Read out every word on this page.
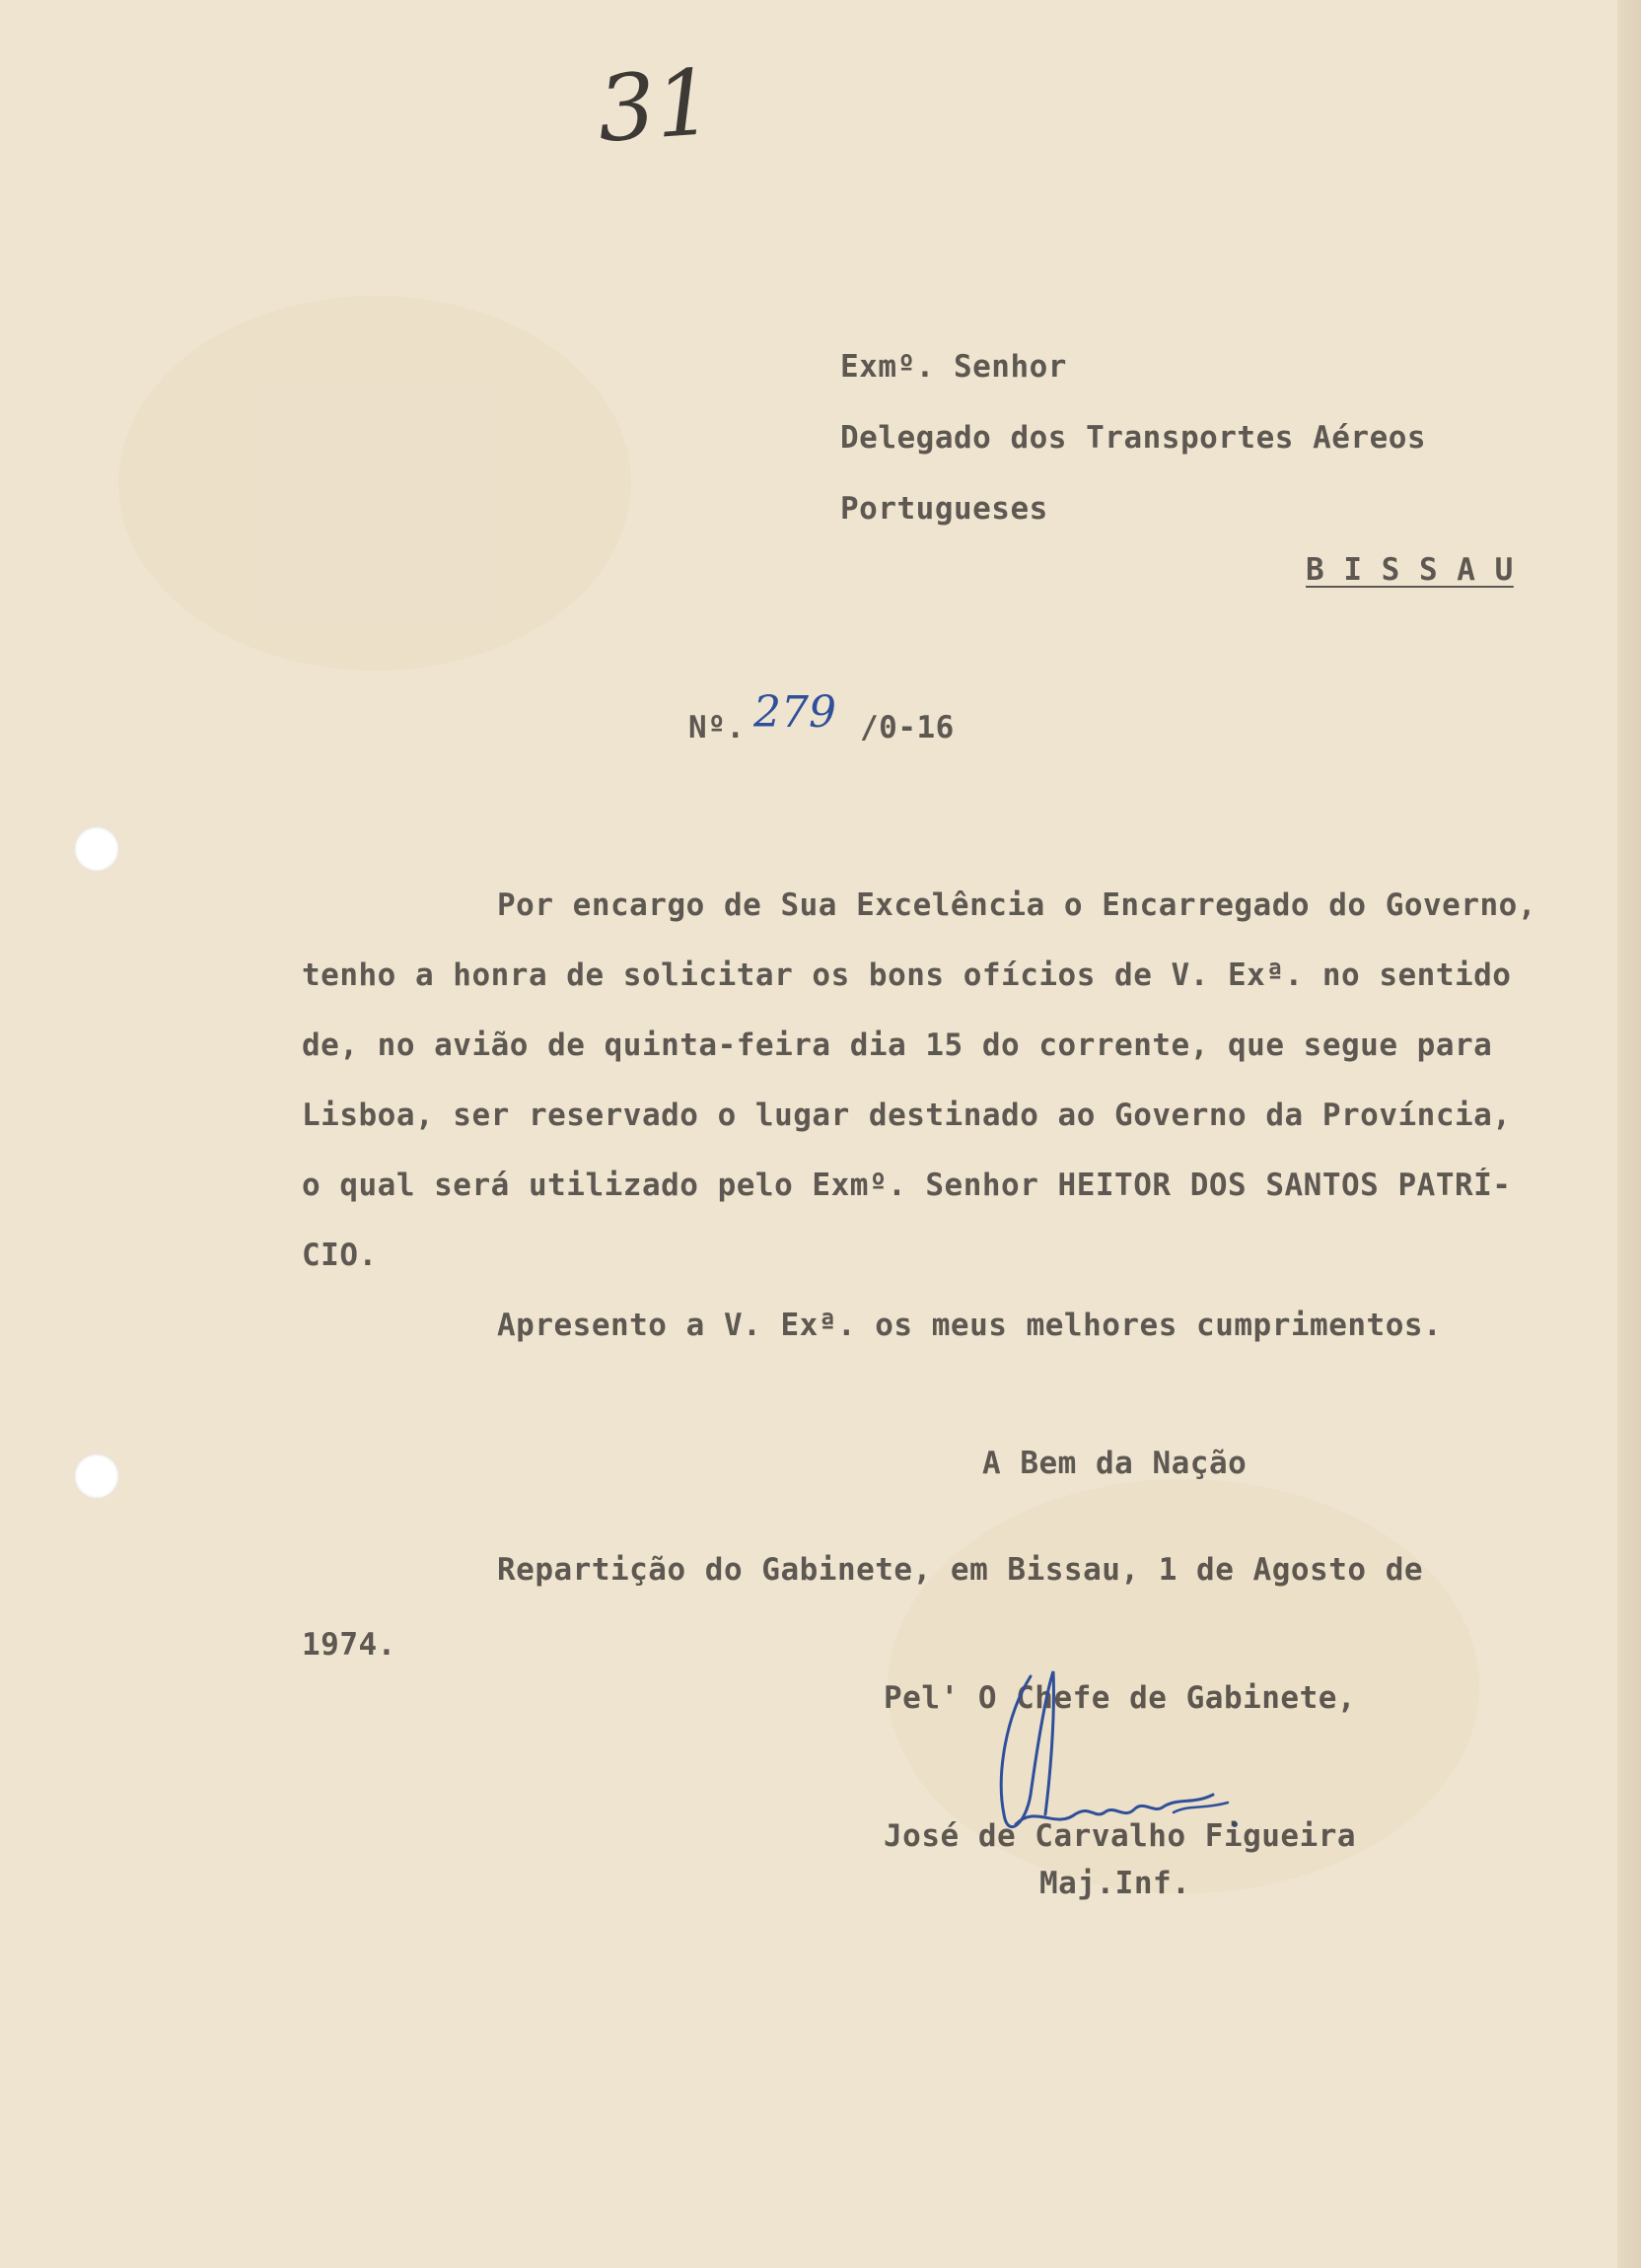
31
Exmº. Senhor
Delegado dos Transportes Aéreos
Portugueses
B I S S A U
Nº. 279 /0-16
Por encargo de Sua Excelência o Encarregado do Governo,
tenho a honra de solicitar os bons ofícios de V. Exª. no sentido
de, no avião de quinta-feira dia 15 do corrente, que segue para
Lisboa, ser reservado o lugar destinado ao Governo da Província,
o qual será utilizado pelo Exmº. Senhor HEITOR DOS SANTOS PATRÍ-
CIO.
Apresento a V. Exª. os meus melhores cumprimentos.
A Bem da Nação
Repartição do Gabinete, em Bissau, 1 de Agosto de
1974.
Pel' O Chefe de Gabinete,
José de Carvalho Figueira
Maj.Inf.
